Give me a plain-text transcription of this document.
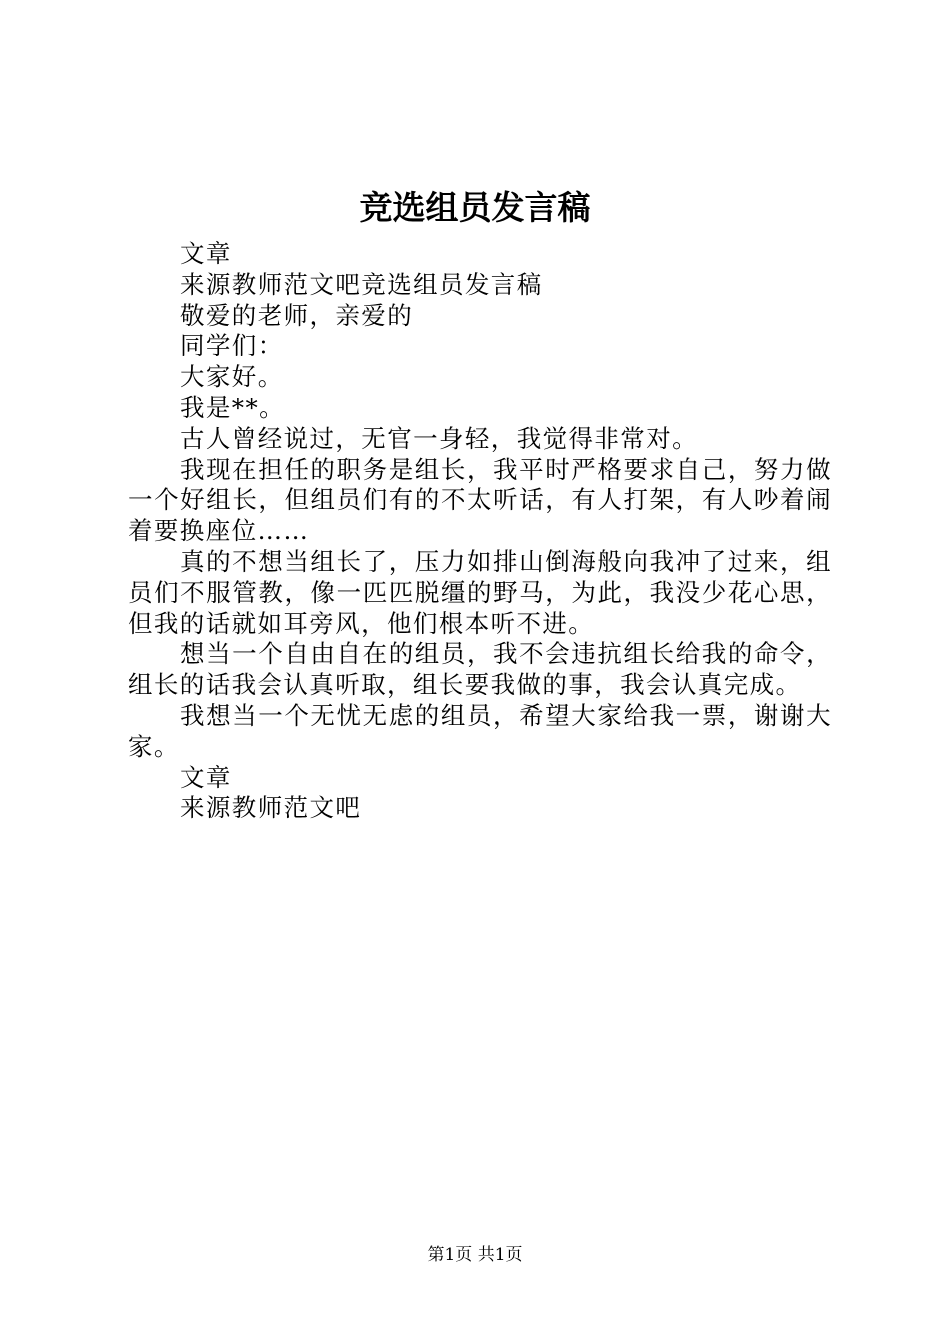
竞选组员发言稿

文章

来源教师范文吧竞选组员发言稿

敬爱的老师，亲爱的

同学们：

大家好。

我是**。

古人曾经说过，无官一身轻，我觉得非常对。

我现在担任的职务是组长，我平时严格要求自己，努力做一个好组长，但组员们有的不太听话，有人打架，有人吵着闹着要换座位……

真的不想当组长了，压力如排山倒海般向我冲了过来，组员们不服管教，像一匹匹脱缰的野马，为此，我没少花心思，但我的话就如耳旁风，他们根本听不进。

想当一个自由自在的组员，我不会违抗组长给我的命令，组长的话我会认真听取，组长要我做的事，我会认真完成。

我想当一个无忧无虑的组员，希望大家给我一票，谢谢大家。

文章

来源教师范文吧

第1页 共1页
